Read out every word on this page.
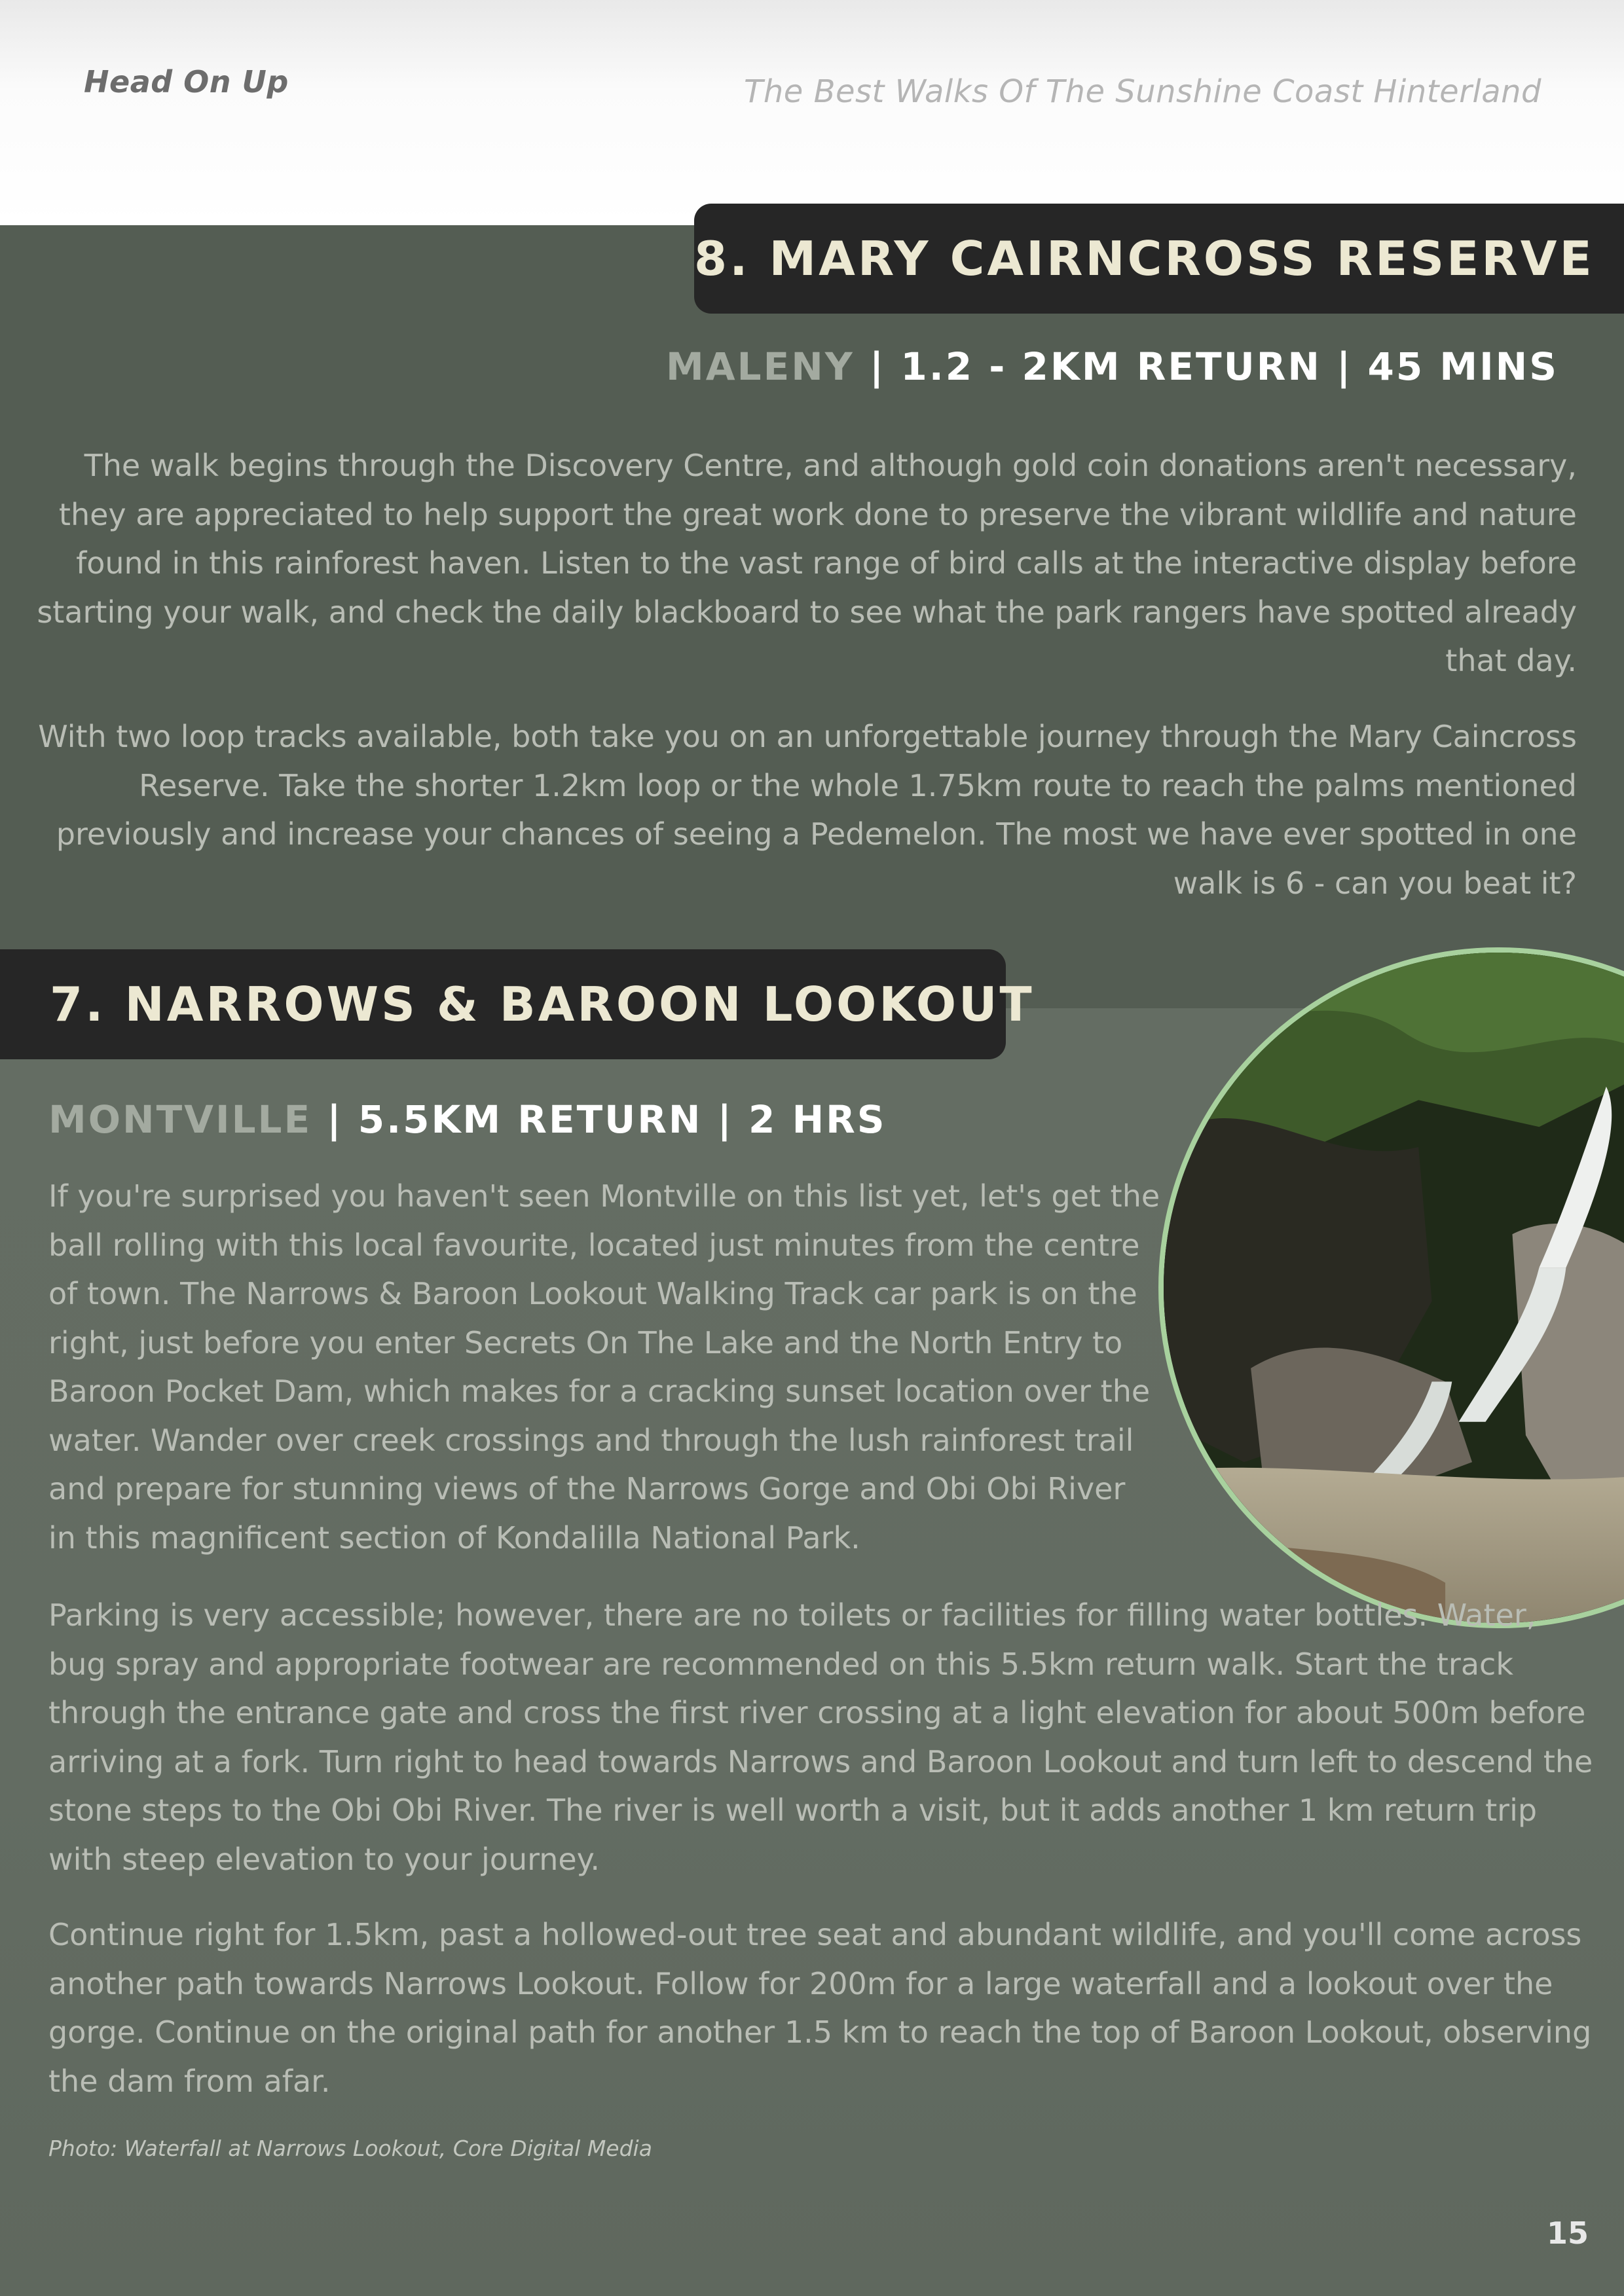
Head On Up	The Best Walks Of The Sunshine Coast Hinterland
8. MARY CAIRNCROSS RESERVE
MALENY | 1.2 - 2KM RETURN | 45 MINS

The walk begins through the Discovery Centre, and although gold coin donations aren't necessary, they are appreciated to help support the great work done to preserve the vibrant wildlife and nature found in this rainforest haven. Listen to the vast range of bird calls at the interactive display before starting your walk, and check the daily blackboard to see what the park rangers have spotted already that day.

With two loop tracks available, both take you on an unforgettable journey through the Mary Caincross Reserve. Take the shorter 1.2km loop or the whole 1.75km route to reach the palms mentioned previously and increase your chances of seeing a Pedemelon. The most we have ever spotted in one walk is 6 - can you beat it?

7. NARROWS & BAROON LOOKOUT
MONTVILLE | 5.5KM RETURN | 2 HRS

If you're surprised you haven't seen Montville on this list yet, let's get the ball rolling with this local favourite, located just minutes from the centre of town. The Narrows & Baroon Lookout Walking Track car park is on the right, just before you enter Secrets On The Lake and the North Entry to Baroon Pocket Dam, which makes for a cracking sunset location over the water. Wander over creek crossings and through the lush rainforest trail and prepare for stunning views of the Narrows Gorge and Obi Obi River in this magnificent section of Kondalilla National Park.

Parking is very accessible; however, there are no toilets or facilities for filling water bottles. Water, bug spray and appropriate footwear are recommended on this 5.5km return walk. Start the track through the entrance gate and cross the first river crossing at a light elevation for about 500m before arriving at a fork. Turn right to head towards Narrows and Baroon Lookout and turn left to descend the stone steps to the Obi Obi River. The river is well worth a visit, but it adds another 1 km return trip with steep elevation to your journey.

Continue right for 1.5km, past a hollowed-out tree seat and abundant wildlife, and you'll come across another path towards Narrows Lookout. Follow for 200m for a large waterfall and a lookout over the gorge. Continue on the original path for another 1.5 km to reach the top of Baroon Lookout, observing the dam from afar.

Photo: Waterfall at Narrows Lookout, Core Digital Media
15
